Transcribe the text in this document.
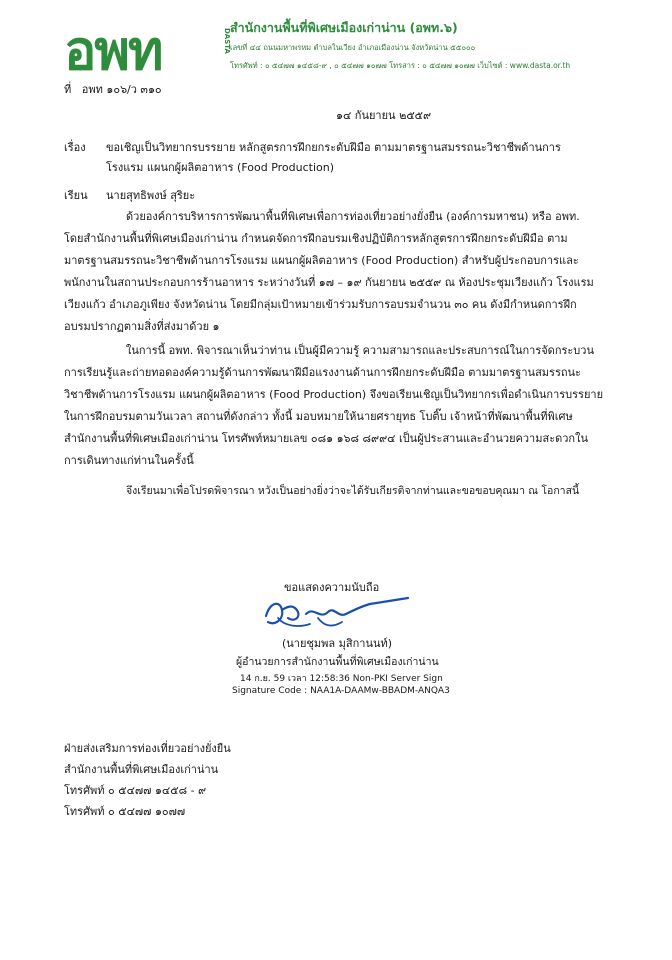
อพท	DASTA
สำนักงานพื้นที่พิเศษเมืองเก่าน่าน (อพท.๖)
เลขที่ ๔๔ ถนนมหาพรหม ตำบลในเวียง อำเภอเมืองน่าน จังหวัดน่าน ๕๕๐๐๐
โทรศัพท์ : ๐ ๕๔๗๗ ๑๔๕๘-๙ , ๐ ๕๔๗๗ ๑๐๗๗ โทรสาร : ๐ ๕๔๗๗ ๑๐๗๗ เว็บไซต์ : www.dasta.or.th
ที่ อพท ๑๐๖/ว ๓๑๐
๑๔ กันยายน ๒๕๕๙
เรื่อง ขอเชิญเป็นวิทยากรบรรยาย หลักสูตรการฝึกยกระดับฝีมือ ตามมาตรฐานสมรรถนะวิชาชีพด้านการ
โรงแรม แผนกผู้ผลิตอาหาร (Food Production)
เรียน นายสุทธิพงษ์ สุริยะ
ด้วยองค์การบริหารการพัฒนาพื้นที่พิเศษเพื่อการท่องเที่ยวอย่างยั่งยืน (องค์การมหาชน) หรือ อพท.
โดยสำนักงานพื้นที่พิเศษเมืองเก่าน่าน กำหนดจัดการฝึกอบรมเชิงปฏิบัติการหลักสูตรการฝึกยกระดับฝีมือ ตาม
มาตรฐานสมรรถนะวิชาชีพด้านการโรงแรม แผนกผู้ผลิตอาหาร (Food Production) สำหรับผู้ประกอบการและ
พนักงานในสถานประกอบการร้านอาหาร ระหว่างวันที่ ๑๗ – ๑๙ กันยายน ๒๕๕๙ ณ ห้องประชุมเวียงแก้ว โรงแรม
เวียงแก้ว อำเภอภูเพียง จังหวัดน่าน โดยมีกลุ่มเป้าหมายเข้าร่วมรับการอบรมจำนวน ๓๐ คน ดังมีกำหนดการฝึก
อบรมปรากฏตามสิ่งที่ส่งมาด้วย ๑
ในการนี้ อพท. พิจารณาเห็นว่าท่าน เป็นผู้มีความรู้ ความสามารถและประสบการณ์ในการจัดกระบวน
การเรียนรู้และถ่ายทอดองค์ความรู้ด้านการพัฒนาฝีมือแรงงานด้านการฝึกยกระดับฝีมือ ตามมาตรฐานสมรรถนะ
วิชาชีพด้านการโรงแรม แผนกผู้ผลิตอาหาร (Food Production) จึงขอเรียนเชิญเป็นวิทยากรเพื่อดำเนินการบรรยาย
ในการฝึกอบรมตามวันเวลา สถานที่ดังกล่าว ทั้งนี้ มอบหมายให้นายศรายุทธ โบติ๊บ เจ้าหน้าที่พัฒนาพื้นที่พิเศษ
สำนักงานพื้นที่พิเศษเมืองเก่าน่าน โทรศัพท์หมายเลข ๐๘๑ ๑๖๘ ๘๙๙๔ เป็นผู้ประสานและอำนวยความสะดวกใน
การเดินทางแก่ท่านในครั้งนี้
จึงเรียนมาเพื่อโปรดพิจารณา หวังเป็นอย่างยิ่งว่าจะได้รับเกียรติจากท่านและขอขอบคุณมา ณ โอกาสนี้
ขอแสดงความนับถือ
(นายชุมพล มุสิกานนท์)
ผู้อำนวยการสำนักงานพื้นที่พิเศษเมืองเก่าน่าน
14 ก.ย. 59 เวลา 12:58:36 Non-PKI Server Sign
Signature Code : NAA1A-DAAMw-BBADM-ANQA3
ฝ่ายส่งเสริมการท่องเที่ยวอย่างยั่งยืน
สำนักงานพื้นที่พิเศษเมืองเก่าน่าน
โทรศัพท์ ๐ ๕๔๗๗ ๑๔๕๘ - ๙
โทรศัพท์ ๐ ๕๔๗๗ ๑๐๗๗
